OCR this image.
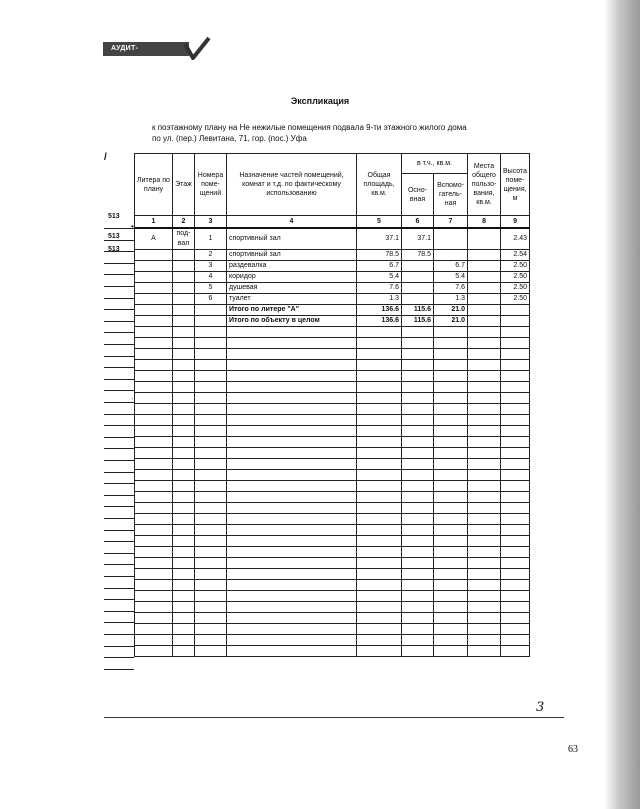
АУДИТ-БЕЗОПАСНОСТЬ
Экспликация
к поэтажному плану на Не нежилые помещения подвала 9-ти этажного жилого дома
по ул. (пер.) Левитана, 71, гор. (пос.) Уфа
/
513
513
513
•
:
Литера по плану	Этаж	Номера поме-щений	Назначение частей помещений, комнат и т.д. по фактическому использованию	Общая площадь, кв.м.	в т.ч., кв.м.		Места общего пользо-вания, кв.м.	Высота поме-щения, м
					Осно-вная	Вспомо-гатель-ная		
1	2	3	4	5	6	7	8	9
А	под-вал	1	спортивный зал	37.1	37.1			2.43
		2	спортивный зал	78.5	78.5			2.54
		3	раздевалка	6.7		6.7		2.50
		4	коридор	5.4		5.4		2.50
		5	душевая	7.6		7.6		2.50
		6	туалет	1.3		1.3		2.50
			Итого по литере "А"	136.6	115.6	21.0		
			Итого по объекту в целом	136.6	115.6	21.0		

3
63
